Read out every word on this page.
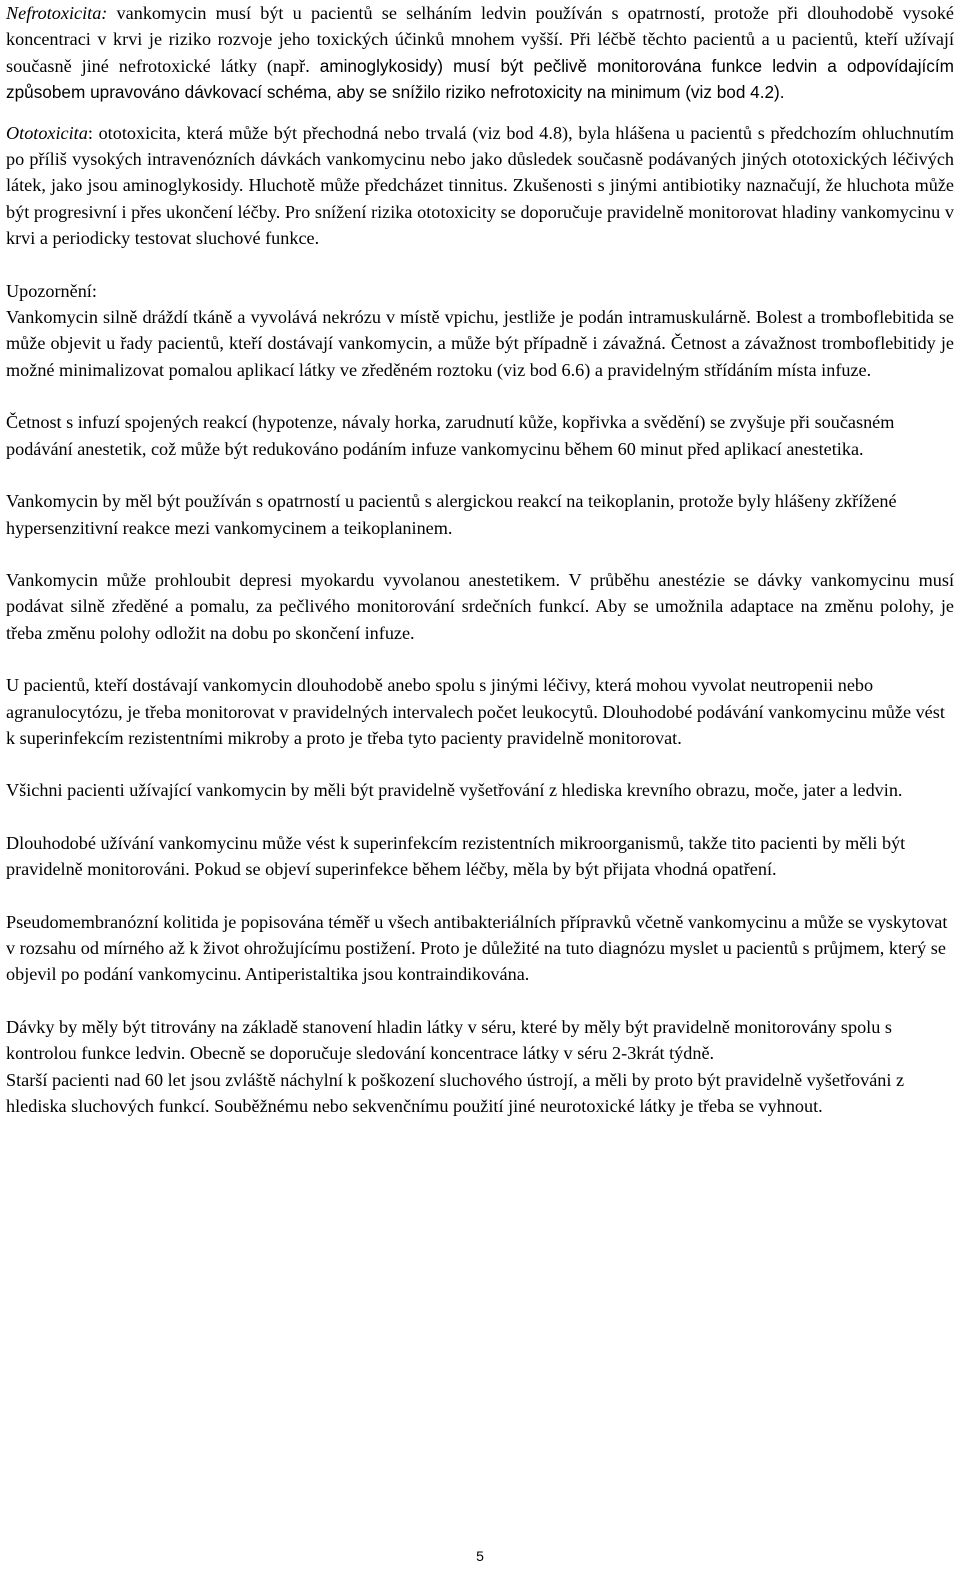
Nefrotoxicita: vankomycin musí být u pacientů se selháním ledvin používán s opatrností, protože při dlouhodobě vysoké koncentraci v krvi je riziko rozvoje jeho toxických účinků mnohem vyšší. Při léčbě těchto pacientů a u pacientů, kteří užívají současně jiné nefrotoxické látky (např. aminoglykosidy) musí být pečlivě monitorována funkce ledvin a odpovídajícím způsobem upravováno dávkovací schéma, aby se snížilo riziko nefrotoxicity na minimum (viz bod 4.2).

Ototoxicita: ototoxicita, která může být přechodná nebo trvalá (viz bod 4.8), byla hlášena u pacientů s předchozím ohluchnutím po příliš vysokých intravenózních dávkách vankomycinu nebo jako důsledek současně podávaných jiných ototoxických léčivých látek, jako jsou aminoglykosidy. Hluchotě může předcházet tinnitus. Zkušenosti s jinými antibiotiky naznačují, že hluchota může být progresivní i přes ukončení léčby. Pro snížení rizika ototoxicity se doporučuje pravidelně monitorovat hladiny vankomycinu v krvi a periodicky testovat sluchové funkce.

Upozornění:

Vankomycin silně dráždí tkáně a vyvolává nekrózu v místě vpichu, jestliže je podán intramuskulárně. Bolest a tromboflebitida se může objevit u řady pacientů, kteří dostávají vankomycin, a může být případně i závažná. Četnost a závažnost tromboflebitidy je možné minimalizovat pomalou aplikací látky ve zředěném roztoku (viz bod 6.6) a pravidelným střídáním místa infuze.

Četnost s infuzí spojených reakcí (hypotenze, návaly horka, zarudnutí kůže, kopřivka a svědění) se zvyšuje při současném podávání anestetik, což může být redukováno podáním infuze vankomycinu během 60 minut před aplikací anestetika.

Vankomycin by měl být používán s opatrností u pacientů s alergickou reakcí na teikoplanin, protože byly hlášeny zkřížené hypersenzitivní reakce mezi vankomycinem a teikoplaninem.

Vankomycin může prohloubit depresi myokardu vyvolanou anestetikem. V průběhu anestézie se dávky vankomycinu musí podávat silně zředěné a pomalu, za pečlivého monitorování srdečních funkcí. Aby se umožnila adaptace na změnu polohy, je třeba změnu polohy odložit na dobu po skončení infuze.

U pacientů, kteří dostávají vankomycin dlouhodobě anebo spolu s jinými léčivy, která mohou vyvolat neutropenii nebo agranulocytózu, je třeba monitorovat v pravidelných intervalech počet leukocytů. Dlouhodobé podávání vankomycinu může vést k superinfekcím rezistentními mikroby a proto je třeba tyto pacienty pravidelně monitorovat.

Všichni pacienti užívající vankomycin by měli být pravidelně vyšetřování z hlediska krevního obrazu, moče, jater a ledvin.

Dlouhodobé užívání vankomycinu může vést k superinfekcím rezistentních mikroorganismů, takže tito pacienti by měli být pravidelně monitorováni. Pokud se objeví superinfekce během léčby, měla by být přijata vhodná opatření.

Pseudomembranózní kolitida je popisována téměř u všech antibakteriálních přípravků včetně vankomycinu a může se vyskytovat v rozsahu od mírného až k život ohrožujícímu postižení. Proto je důležité na tuto diagnózu myslet u pacientů s průjmem, který se objevil po podání vankomycinu. Antiperistaltika jsou kontraindikována.

Dávky by měly být titrovány na základě stanovení hladin látky v séru, které by měly být pravidelně monitorovány spolu s kontrolou funkce ledvin. Obecně se doporučuje sledování koncentrace látky v séru 2-3krát týdně.

Starší pacienti nad 60 let jsou zvláště náchylní k poškození sluchového ústrojí, a měli by proto být pravidelně vyšetřováni z hlediska sluchových funkcí. Souběžnému nebo sekvenčnímu použití jiné neurotoxické látky je třeba se vyhnout.

5
